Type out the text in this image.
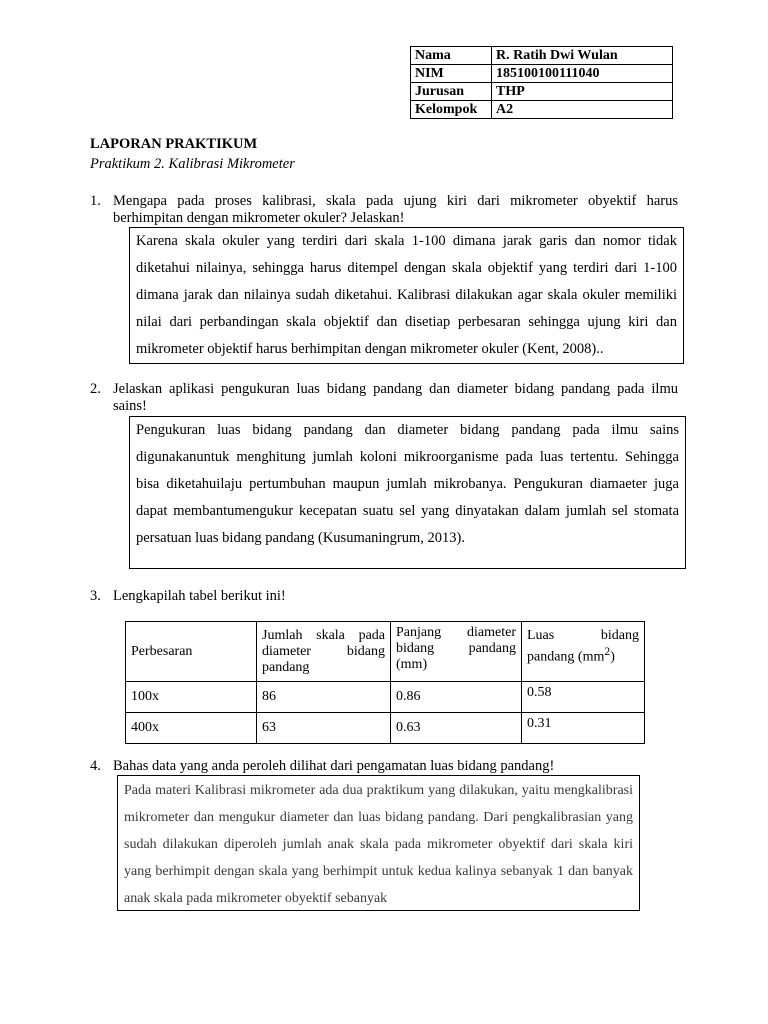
Nama	R. Ratih Dwi Wulan
NIM	185100100111040
Jurusan	THP
Kelompok	A2
LAPORAN PRAKTIKUM
Praktikum 2. Kalibrasi Mikrometer
1. Mengapa pada proses kalibrasi, skala pada ujung kiri dari mikrometer obyektif harus berhimpitan dengan mikrometer okuler? Jelaskan!
Karena skala okuler yang terdiri dari skala 1-100 dimana jarak garis dan nomor tidak diketahui nilainya, sehingga harus ditempel dengan skala objektif yang terdiri dari 1-100 dimana jarak dan nilainya sudah diketahui. Kalibrasi dilakukan agar skala okuler memiliki nilai dari perbandingan skala objektif dan disetiap perbesaran sehingga ujung kiri dan mikrometer objektif harus berhimpitan dengan mikrometer okuler (Kent, 2008)..
2. Jelaskan aplikasi pengukuran luas bidang pandang dan diameter bidang pandang pada ilmu sains!
Pengukuran luas bidang pandang dan diameter bidang pandang pada ilmu sains digunakanuntuk menghitung jumlah koloni mikroorganisme pada luas tertentu. Sehingga bisa diketahuilaju pertumbuhan maupun jumlah mikrobanya. Pengukuran diamaeter juga dapat membantumengukur kecepatan suatu sel yang dinyatakan dalam jumlah sel stomata persatuan luas bidang pandang (Kusumaningrum, 2013).
3. Lengkapilah tabel berikut ini!
Perbesaran	Jumlah skala pada diameter bidang pandang	Panjang diameter bidang pandang (mm)	Luas bidang pandang $(mm^2)$
100x	86	0.86	0.58
400x	63	0.63	0.31
4. Bahas data yang anda peroleh dilihat dari pengamatan luas bidang pandang!
Pada materi Kalibrasi mikrometer ada dua praktikum yang dilakukan, yaitu mengkalibrasi mikrometer dan mengukur diameter dan luas bidang pandang. Dari pengkalibrasian yang sudah dilakukan diperoleh jumlah anak skala pada mikrometer obyektif dari skala kiri yang berhimpit dengan skala yang berhimpit untuk kedua kalinya sebanyak 1 dan banyak anak skala pada mikrometer obyektif sebanyak
